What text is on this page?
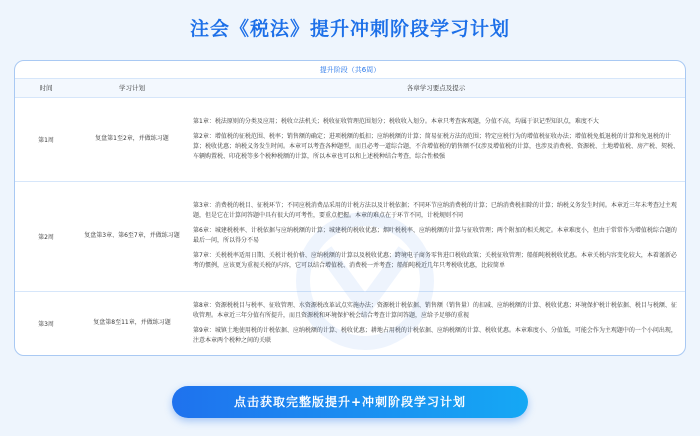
注会《税法》提升冲刺阶段学习计划
提升阶段（共6周）
时间	学习计划	各章学习要点及提示
第1周	复盘第1至2章，并做练习题	第1章：税法原则的分类及应用；税收立法机关；税收征收管理范围划分；税收收入划分。本章只考查客观题，分值不高，均属于识记型知识点，难度不大
第2章：增值税的征税范围、税率；销售额的确定；进项税额的抵扣；应纳税额的计算；简易征税方法的范围；特定应税行为的增值税征收办法；增值税免抵退税的计算和免退税的计算；税收优惠；纳税义务发生时间。本章可以考查各种题型，而且必考一道综合题，不含增值税的销售额不仅涉及增值税的计算，也涉及消费税、资源税、土地增值税、房产税、契税、车辆购置税、印花税等多个税种税额的计算，所以本章也可以和上述税种结合考查，综合性极强

第2周	复盘第3章、第6至7章，并做练习题	第3章：消费税的税目、征税环节；不同应税消费品采用的计税方法以及计税依据；不同环节应纳消费税的计算；已纳消费税扣除的计算；纳税义务发生时间。本章近三年未考查过主观题，但是它在计算问答题中具有很大的可考性，要重点把握。本章的难点在于环节不同，计税规则不同
第6章：城建税税率、计税依据与应纳税额的计算；城建税的税收优惠；烟叶税税率、应纳税额的计算与征收管理；两个附加的相关规定。本章难度小，但由于常常作为增值税综合题的最后一问，所以得分不易
第7章：关税税率适用日期、关税计税价格、应纳税额的计算以及税收优惠；跨境电子商务零售进口税收政策；关税征收管理；船舶吨税税收优惠。本章关税内容变化较大，本着谨新必考的惯例，应该更为重视关税的内容，它可以结合增值税、消费税一并考查；船舶吨税近几年只考税收优惠，比较简单

第3周	复盘第8至11章，并做练习题	第8章：资源税税目与税率、征收管理、水资源税改革试点实施办法；资源税计税依据、销售额（销售量）的扣减、应纳税额的计算、税收优惠；环境保护税计税依据、税目与税额、征收管理。本章近三年分值有所提升，而且资源税和环境保护税会结合考查计算问答题，应给予足够的重视
第9章：城镇土地使用税的计税依据、应纳税额的计算、税收优惠；耕地占用税的计税依据、应纳税额的计算、税收优惠。本章难度小、分值低，可能会作为主观题中的一个小问出现，注意本章两个税种之间的关联
点击获取完整版提升+冲刺阶段学习计划
